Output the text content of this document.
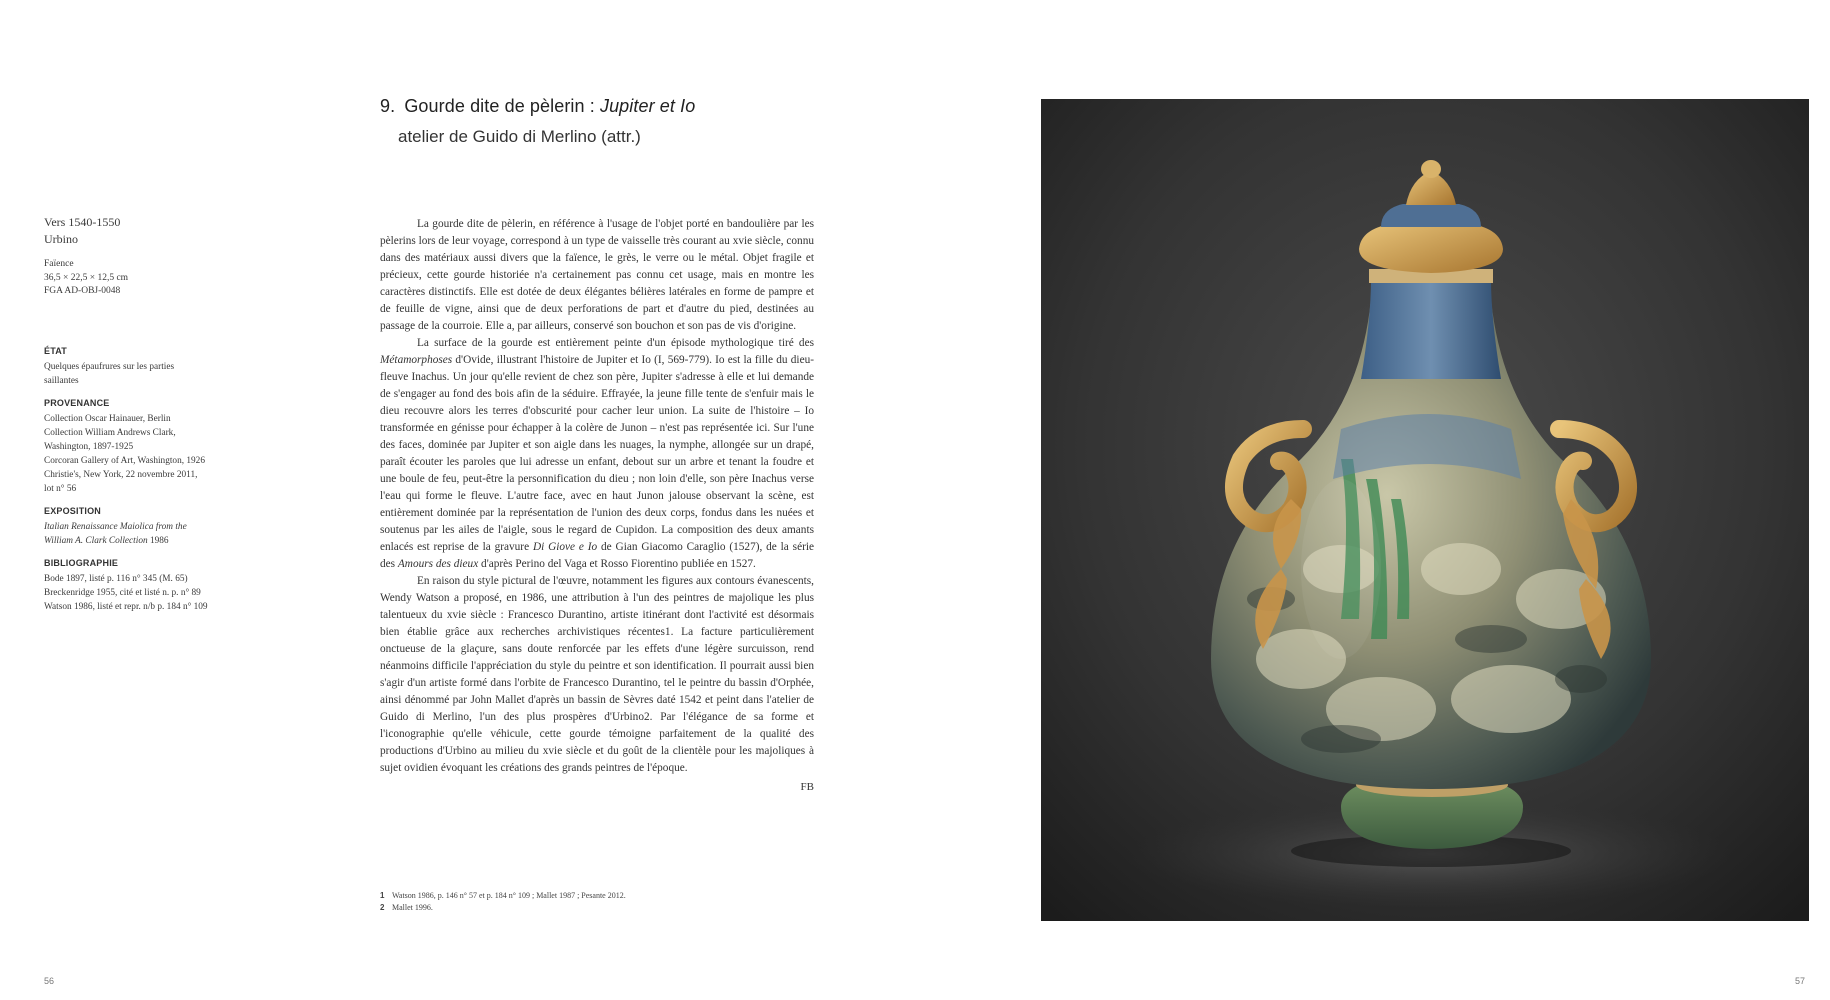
9. Gourde dite de pèlerin : Jupiter et Io
atelier de Guido di Merlino (attr.)
Vers 1540-1550
Urbino
Faïence
36,5 × 22,5 × 12,5 cm
FGA AD-OBJ-0048
ÉTAT
Quelques épaufrures sur les parties saillantes
PROVENANCE
Collection Oscar Hainauer, Berlin
Collection William Andrews Clark, Washington, 1897-1925
Corcoran Gallery of Art, Washington, 1926
Christie's, New York, 22 novembre 2011, lot n° 56
EXPOSITION
Italian Renaissance Maiolica from the William A. Clark Collection 1986
BIBLIOGRAPHIE
Bode 1897, listé p. 116 n° 345 (M. 65)
Breckenridge 1955, cité et listé n. p. n° 89
Watson 1986, listé et repr. n/b p. 184 n° 109

La gourde dite de pèlerin, en référence à l'usage de l'objet porté en bandoulière par les pèlerins lors de leur voyage, correspond à un type de vaisselle très courant au xvie siècle, connu dans des matériaux aussi divers que la faïence, le grès, le verre ou le métal. Objet fragile et précieux, cette gourde historiée n'a certainement pas connu cet usage, mais en montre les caractères distinctifs. Elle est dotée de deux élégantes bélières latérales en forme de pampre et de feuille de vigne, ainsi que de deux perforations de part et d'autre du pied, destinées au passage de la courroie. Elle a, par ailleurs, conservé son bouchon et son pas de vis d'origine.

La surface de la gourde est entièrement peinte d'un épisode mythologique tiré des Métamorphoses d'Ovide, illustrant l'histoire de Jupiter et Io (I, 569-779). Io est la fille du dieu-fleuve Inachus. Un jour qu'elle revient de chez son père, Jupiter s'adresse à elle et lui demande de s'engager au fond des bois afin de la séduire. Effrayée, la jeune fille tente de s'enfuir mais le dieu recouvre alors les terres d'obscurité pour cacher leur union. La suite de l'histoire – Io transformée en génisse pour échapper à la colère de Junon – n'est pas représentée ici. Sur l'une des faces, dominée par Jupiter et son aigle dans les nuages, la nymphe, allongée sur un drapé, paraît écouter les paroles que lui adresse un enfant, debout sur un arbre et tenant la foudre et une boule de feu, peut-être la personnification du dieu ; non loin d'elle, son père Inachus verse l'eau qui forme le fleuve. L'autre face, avec en haut Junon jalouse observant la scène, est entièrement dominée par la représentation de l'union des deux corps, fondus dans les nuées et soutenus par les ailes de l'aigle, sous le regard de Cupidon. La composition des deux amants enlacés est reprise de la gravure Di Giove e Io de Gian Giacomo Caraglio (1527), de la série des Amours des dieux d'après Perino del Vaga et Rosso Fiorentino publiée en 1527.

En raison du style pictural de l'œuvre, notamment les figures aux contours évanescents, Wendy Watson a proposé, en 1986, une attribution à l'un des peintres de majolique les plus talentueux du xvie siècle : Francesco Durantino, artiste itinérant dont l'activité est désormais bien établie grâce aux recherches archivistiques récentes1. La facture particulièrement onctueuse de la glaçure, sans doute renforcée par les effets d'une légère surcuisson, rend néanmoins difficile l'appréciation du style du peintre et son identification. Il pourrait aussi bien s'agir d'un artiste formé dans l'orbite de Francesco Durantino, tel le peintre du bassin d'Orphée, ainsi dénommé par John Mallet d'après un bassin de Sèvres daté 1542 et peint dans l'atelier de Guido di Merlino, l'un des plus prospères d'Urbino2. Par l'élégance de sa forme et l'iconographie qu'elle véhicule, cette gourde témoigne parfaitement de la qualité des productions d'Urbino au milieu du xvie siècle et du goût de la clientèle pour les majoliques à sujet ovidien évoquant les créations des grands peintres de l'époque.

FB
1 Watson 1986, p. 146 n° 57 et p. 184 n° 109 ; Mallet 1987 ; Pesante 2012.
2 Mallet 1996.
56	57
